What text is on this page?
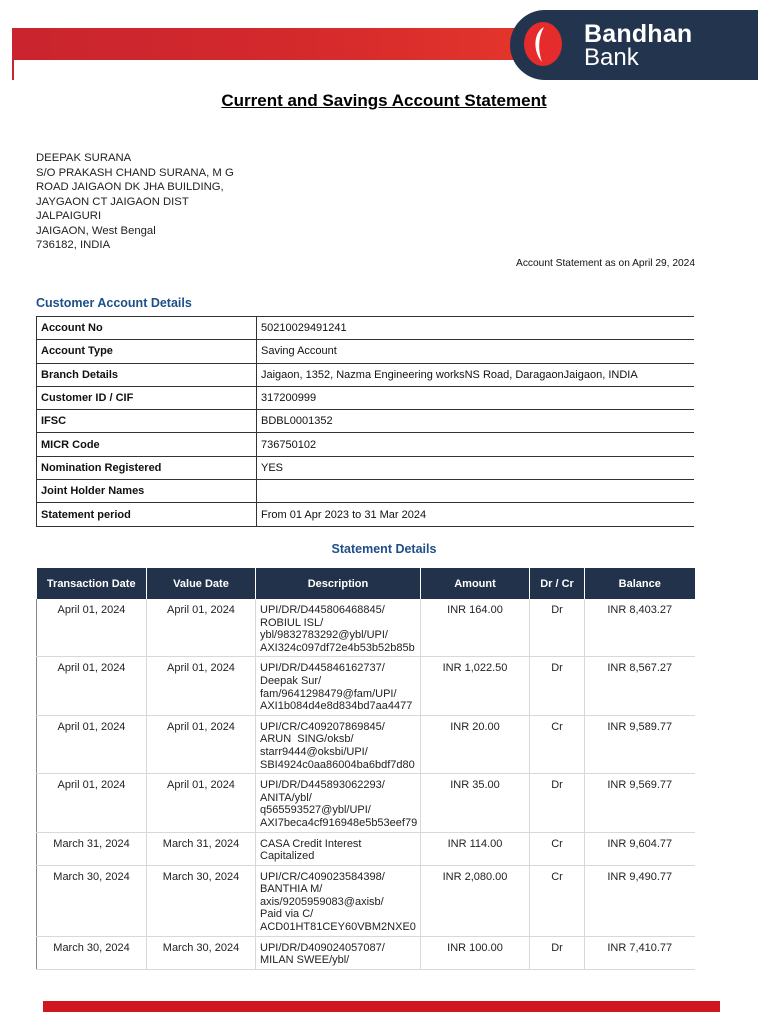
Bandhan
Bank
Current and Savings Account Statement
DEEPAK SURANA
S/O PRAKASH CHAND SURANA, M G
ROAD JAIGAON DK JHA BUILDING,
JAYGAON CT JAIGAON DIST
JALPAIGURI
JAIGAON, West Bengal
736182, INDIA
Account Statement as on April 29, 2024
Customer Account Details
Account No	50210029491241
Account Type	Saving Account
Branch Details	Jaigaon, 1352, Nazma Engineering worksNS Road, DaragaonJaigaon, INDIA
Customer ID / CIF	317200999
IFSC	BDBL0001352
MICR Code	736750102
Nomination Registered	YES
Joint Holder Names	
Statement period	From 01 Apr 2023 to 31 Mar 2024
Statement Details
Transaction Date	Value Date	Description	Amount	Dr / Cr	Balance
April 01, 2024	April 01, 2024	UPI/DR/D445806468845/
ROBIUL ISL/
ybl/9832783292@ybl/UPI/
AXI324c097df72e4b53b52b85b	INR 164.00	Dr	INR 8,403.27
April 01, 2024	April 01, 2024	UPI/DR/D445846162737/
Deepak Sur/
fam/9641298479@fam/UPI/
AXI1b084d4e8d834bd7aa4477	INR 1,022.50	Dr	INR 8,567.27
April 01, 2024	April 01, 2024	UPI/CR/C409207869845/
ARUN  SING/oksb/
starr9444@oksbi/UPI/
SBI4924c0aa86004ba6bdf7d80	INR 20.00	Cr	INR 9,589.77
April 01, 2024	April 01, 2024	UPI/DR/D445893062293/
ANITA/ybl/
q565593527@ybl/UPI/
AXI7beca4cf916948e5b53eef79	INR 35.00	Dr	INR 9,569.77
March 31, 2024	March 31, 2024	CASA Credit Interest
Capitalized	INR 114.00	Cr	INR 9,604.77
March 30, 2024	March 30, 2024	UPI/CR/C409023584398/
BANTHIA M/
axis/9205959083@axisb/
Paid via C/
ACD01HT81CEY60VBM2NXE0	INR 2,080.00	Cr	INR 9,490.77
March 30, 2024	March 30, 2024	UPI/DR/D409024057087/
MILAN SWEE/ybl/	INR 100.00	Dr	INR 7,410.77
